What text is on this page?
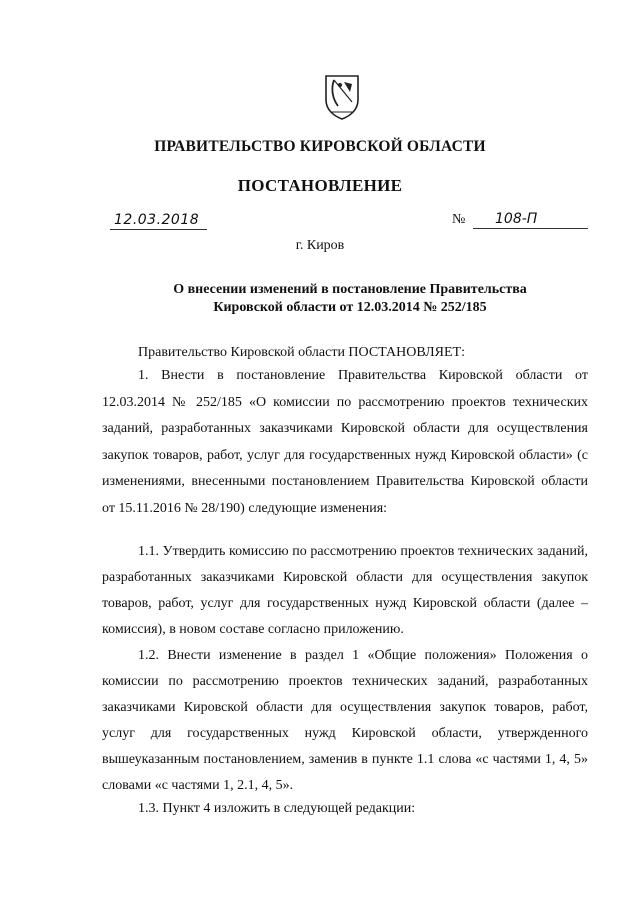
ПРАВИТЕЛЬСТВО КИРОВСКОЙ ОБЛАСТИ
ПОСТАНОВЛЕНИЕ
12.03.2018	№	108-П
г. Киров
О внесении изменений в постановление Правительства Кировской области от 12.03.2014 № 252/185

Правительство Кировской области ПОСТАНОВЛЯЕТ:

1. Внести в постановление Правительства Кировской области от 12.03.2014 № 252/185 «О комиссии по рассмотрению проектов технических заданий, разработанных заказчиками Кировской области для осуществления закупок товаров, работ, услуг для государственных нужд Кировской области» (с изменениями, внесенными постановлением Правительства Кировской области от 15.11.2016 № 28/190) следующие изменения:

1.1. Утвердить комиссию по рассмотрению проектов технических заданий, разработанных заказчиками Кировской области для осуществления закупок товаров, работ, услуг для государственных нужд Кировской области (далее – комиссия), в новом составе согласно приложению.

1.2. Внести изменение в раздел 1 «Общие положения» Положения о комиссии по рассмотрению проектов технических заданий, разработанных заказчиками Кировской области для осуществления закупок товаров, работ, услуг для государственных нужд Кировской области, утвержденного вышеуказанным постановлением, заменив в пункте 1.1 слова «с частями 1, 4, 5» словами «с частями 1, 2.1, 4, 5».

1.3. Пункт 4 изложить в следующей редакции:
